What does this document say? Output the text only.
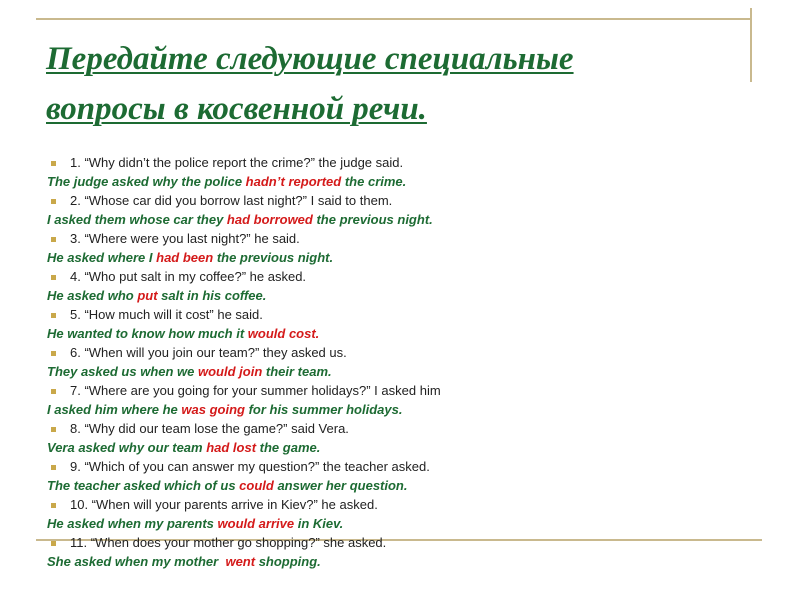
Передайте следующие специальные
вопросы в косвенной речи.
1. “Why didn’t the police report the crime?” the judge said.
The judge asked why the police hadn’t reported the crime.
2. “Whose car did you borrow last night?” I said to them.
I asked them whose car they had borrowed the previous night.
3. “Where were you last night?” he said.
He asked where I had been the previous night.
4. “Who put salt in my coffee?” he asked.
He asked who put salt in his coffee.
5. “How much will it cost” he said.
He wanted to know how much it would cost.
6. “When will you join our team?” they asked us.
They asked us when we would join their team.
7. “Where are you going for your summer holidays?” I asked him
I asked him where he was going for his summer holidays.
8. “Why did our team lose the game?” said Vera.
Vera asked why our team had lost the game.
9. “Which of you can answer my question?” the teacher asked.
The teacher asked which of us could answer her question.
10. “When will your parents arrive in Kiev?” he asked.
He asked when my parents would arrive in Kiev.
11. “When does your mother go shopping?” she asked.
She asked when my mother  went shopping.
